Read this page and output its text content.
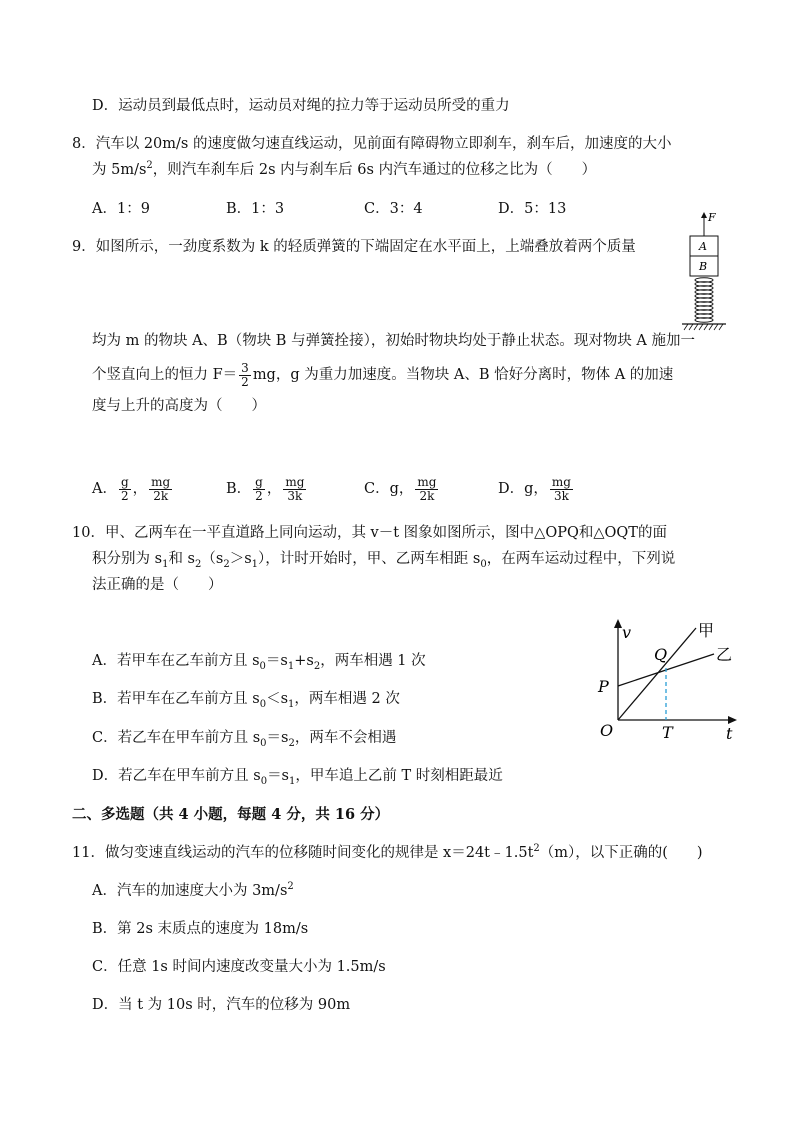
D．运动员到最低点时，运动员对绳的拉力等于运动员所受的重力
8．汽车以 20m/s 的速度做匀速直线运动，见前面有障碍物立即刹车，刹车后，加速度的大小
为 $5m/s^2$，则汽车刹车后 2s 内与刹车后 6s 内汽车通过的位移之比为（　　）
A．1：9	B．1：3	C．3：4	D．5：13
9．如图所示，一劲度系数为 k 的轻质弹簧的下端固定在水平面上，上端叠放着两个质量
F
A
B
均为 m 的物块 A、B（物块 B 与弹簧拴接），初始时物块均处于静止状态。现对物块 A 施加一
个竖直向上的恒力 $F= \frac{3}{2}$ mg，g 为重力加速度。当物块 A、B 恰好分离时，物体 A 的加速
度与上升的高度为（　　）
A． $\frac{g}{2}$ ， $\frac{mg}{2k}$	B． $\frac{g}{2}$ ， $\frac{mg}{3k}$	C．g， $\frac{mg}{2k}$	D．g， $\frac{mg}{3k}$
10．甲、乙两车在一平直道路上同向运动，其 v－t 图象如图所示，图中△OPQ和△OQT的面
积分别为 $s_1$和 $s_2(s_2>s_1)$，计时开始时，甲、乙两车相距 $s_0$，在两车运动过程中，下列说
法正确的是（　　）
A．若甲车在乙车前方且 $s_0=s_1+s_2$，两车相遇 1 次
B．若甲车在乙车前方且 $s_0<s_1$，两车相遇 2 次
C．若乙车在甲车前方且 $s_0=s_2$，两车不会相遇
D．若乙车在甲车前方且 $s_0=s_1$，甲车追上乙前 T 时刻相距最近
v
t
O
P
Q
T
甲
乙
二、多选题（共 4 小题，每题 4 分，共 16 分）
11．做匀变速直线运动的汽车的位移随时间变化的规律是 $x=24t﹣1.5t^2(m)$，以下正确的(　　)
A．汽车的加速度大小为 $3m/s^2$
B．第 2s 末质点的速度为 18m/s
C．任意 1s 时间内速度改变量大小为 1.5m/s
D．当 t 为 10s 时，汽车的位移为 90m
